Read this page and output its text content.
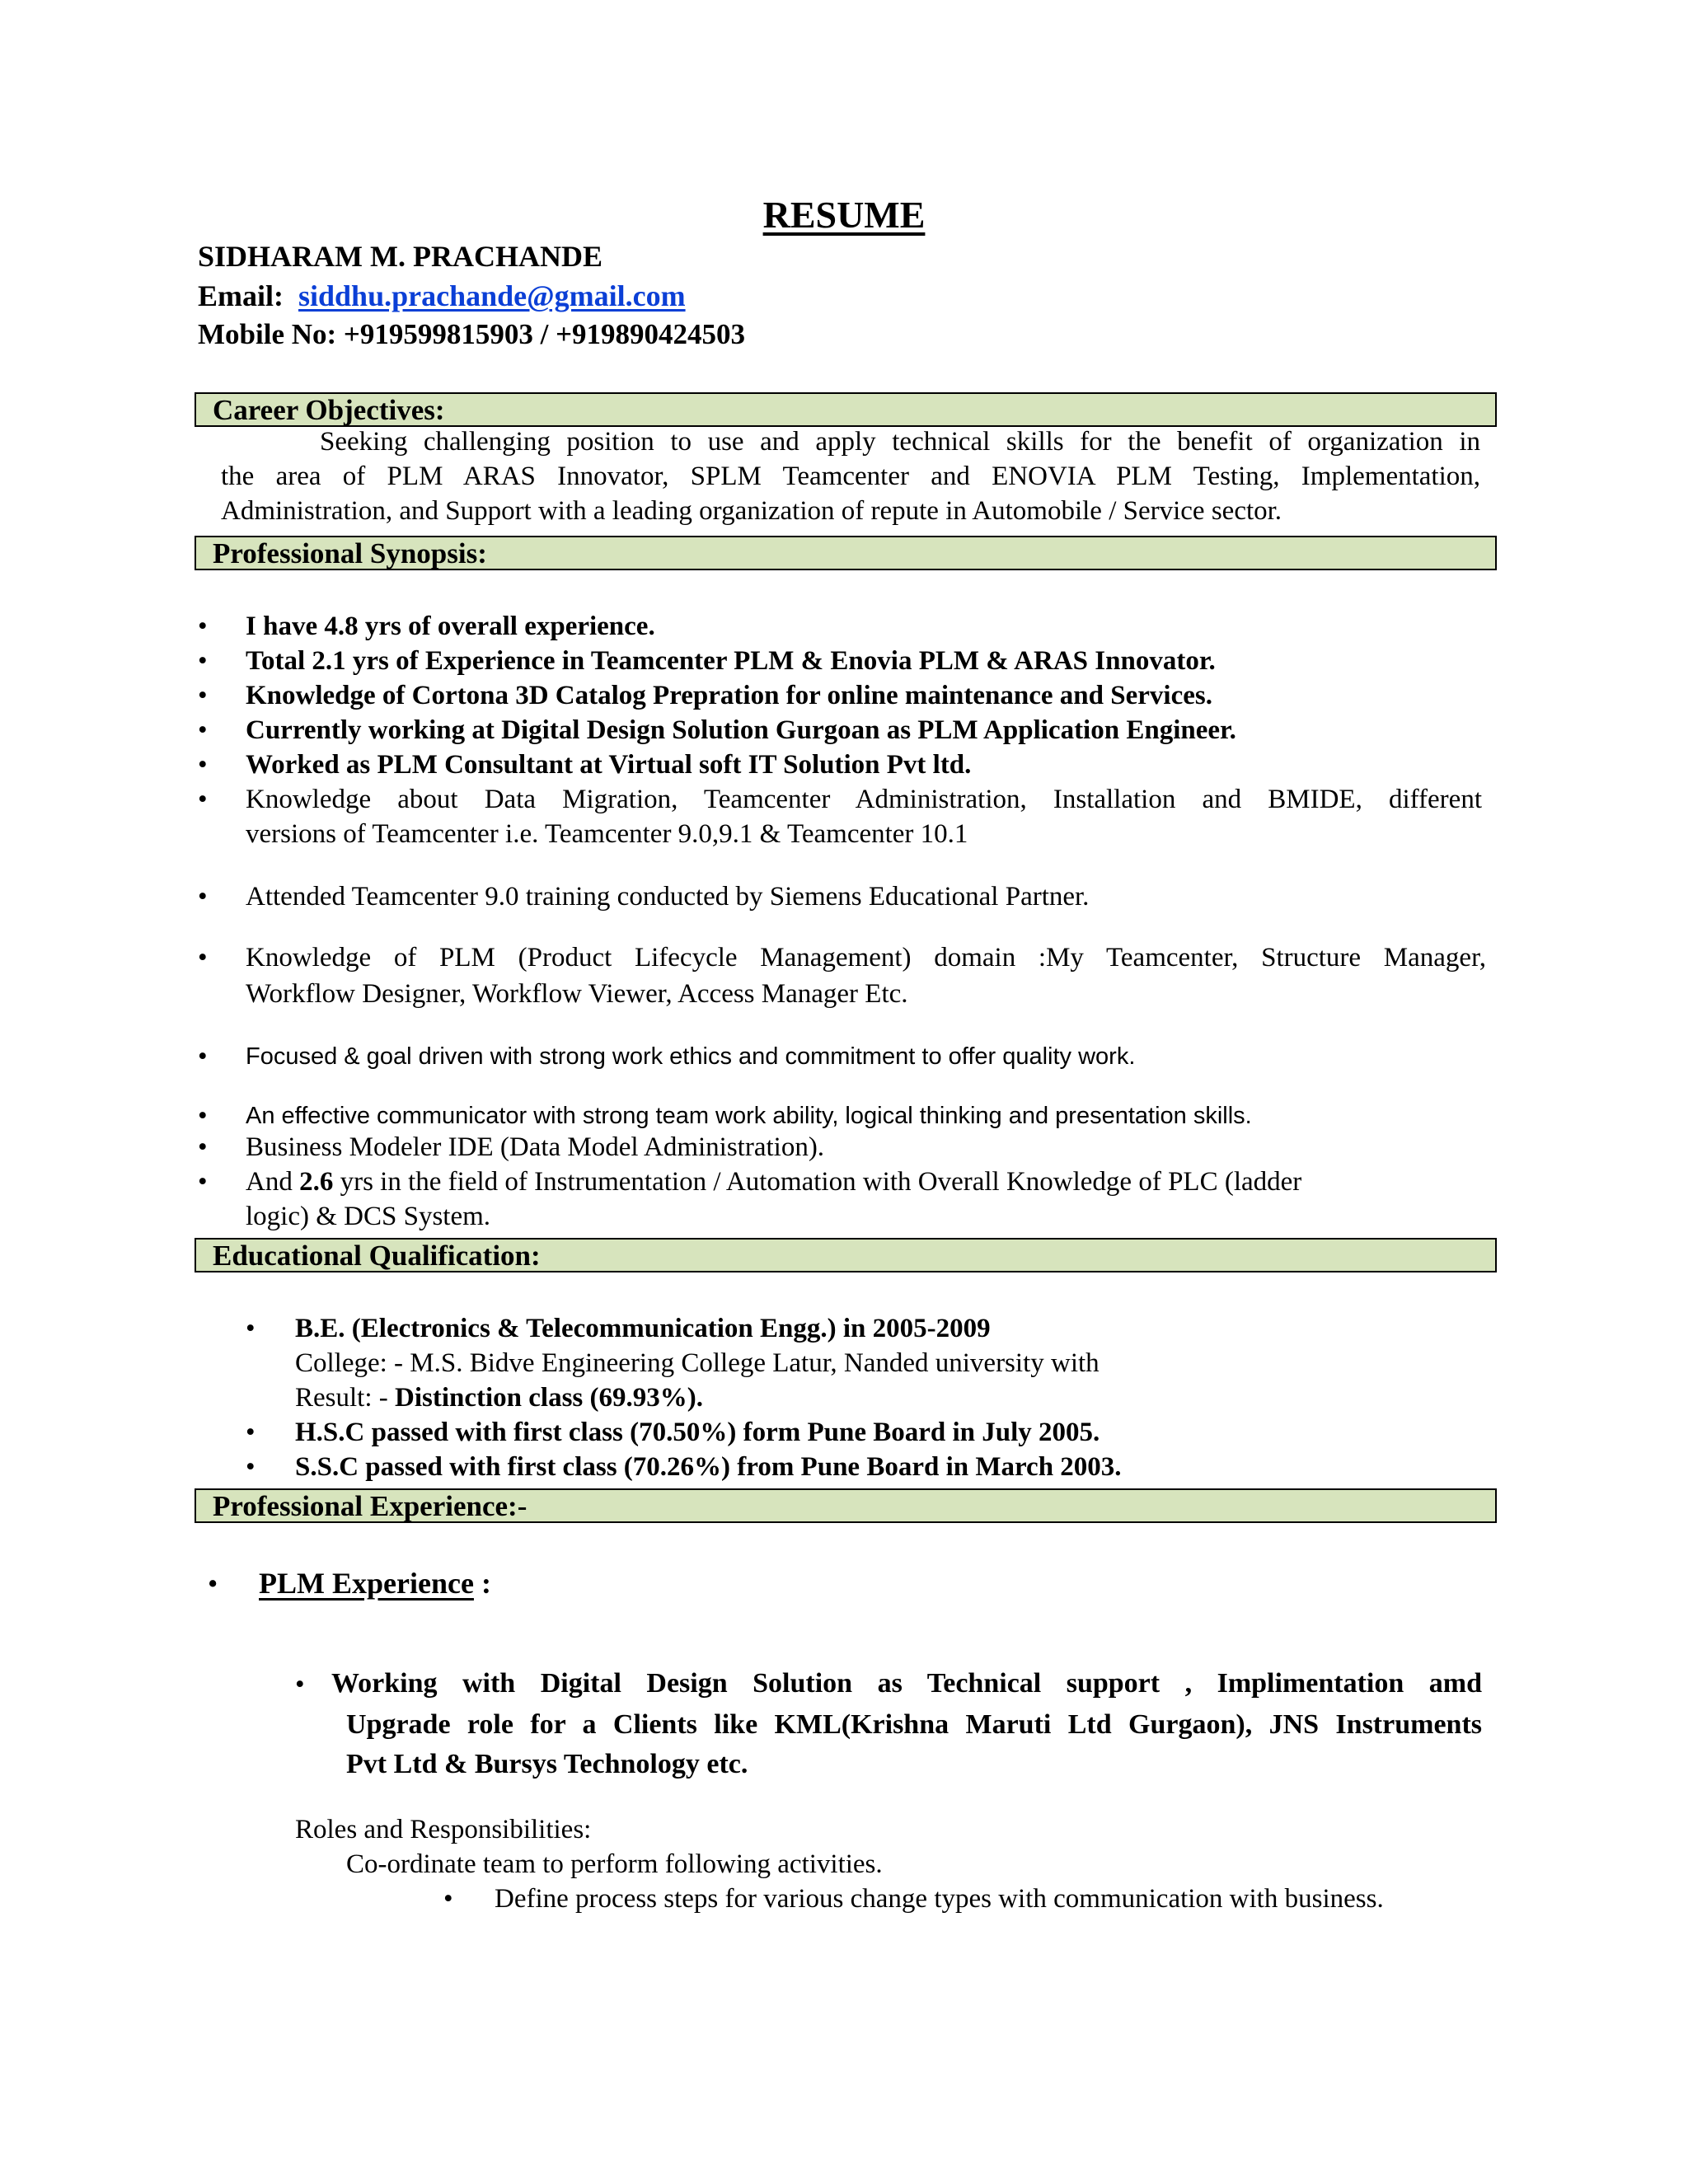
RESUME
SIDHARAM M. PRACHANDE
Email: siddhu.prachande@gmail.com
Mobile No: +919599815903 / +919890424503
Career Objectives:
Seeking challenging position to use and apply technical skills for the benefit of organization in
the area of PLM ARAS Innovator, SPLM Teamcenter and ENOVIA PLM Testing, Implementation,
Administration, and Support with a leading organization of repute in Automobile / Service sector.
Professional Synopsis:
• I have 4.8 yrs of overall experience.
• Total 2.1 yrs of Experience in Teamcenter PLM & Enovia PLM & ARAS Innovator.
• Knowledge of Cortona 3D Catalog Prepration for online maintenance and Services.
• Currently working at Digital Design Solution Gurgoan as PLM Application Engineer.
• Worked as PLM Consultant at Virtual soft IT Solution Pvt ltd.
• Knowledge about Data Migration, Teamcenter Administration, Installation and BMIDE, different
versions of Teamcenter i.e. Teamcenter 9.0,9.1 & Teamcenter 10.1
• Attended Teamcenter 9.0 training conducted by Siemens Educational Partner.
• Knowledge of PLM (Product Lifecycle Management) domain :My Teamcenter, Structure Manager,
Workflow Designer, Workflow Viewer, Access Manager Etc.
• Focused & goal driven with strong work ethics and commitment to offer quality work.
• An effective communicator with strong team work ability, logical thinking and presentation skills.
• Business Modeler IDE (Data Model Administration).
• And 2.6 yrs in the field of Instrumentation / Automation with Overall Knowledge of PLC (ladder
logic) & DCS System.
Educational Qualification:
• B.E. (Electronics & Telecommunication Engg.) in 2005-2009
College: - M.S. Bidve Engineering College Latur, Nanded university with
Result: - Distinction class (69.93%).
• H.S.C passed with first class (70.50%) form Pune Board in July 2005.
• S.S.C passed with first class (70.26%) from Pune Board in March 2003.
Professional Experience:-
• PLM Experience :
• Working with Digital Design Solution as Technical support , Implimentation amd
Upgrade role for a Clients like KML(Krishna Maruti Ltd Gurgaon), JNS Instruments
Pvt Ltd & Bursys Technology etc.
Roles and Responsibilities:
Co-ordinate team to perform following activities.
• Define process steps for various change types with communication with business.
